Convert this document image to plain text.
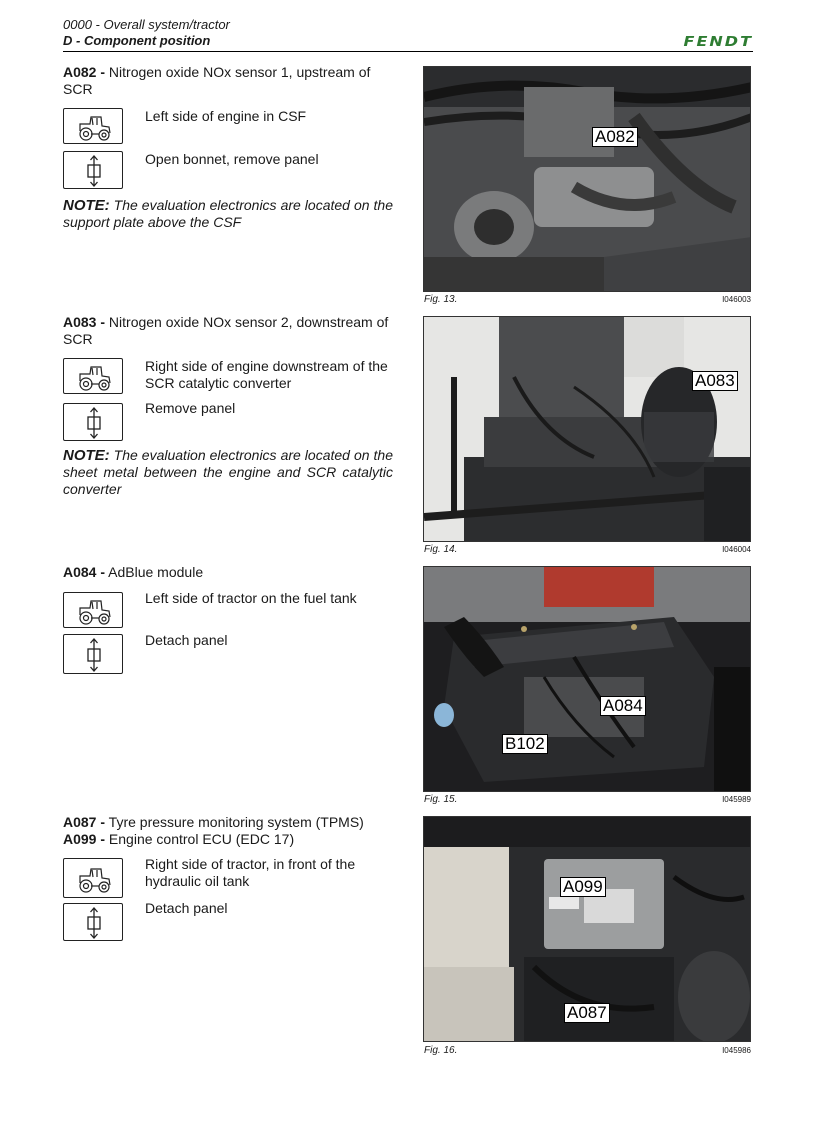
0000 - Overall system/tractor
D - Component position	FENDT
A082 - Nitrogen oxide NOx sensor 1, upstream of SCR
Left side of engine in CSF
Open bonnet, remove panel
NOTE: The evaluation electronics are located on the support plate above the CSF
A082
Fig. 13.	I046003
A083 - Nitrogen oxide NOx sensor 2, downstream of SCR
Right side of engine downstream of the SCR catalytic converter
Remove panel
NOTE: The evaluation electronics are located on the sheet metal between the engine and SCR catalytic converter
A083
Fig. 14.	I046004
A084 - AdBlue module
Left side of tractor on the fuel tank
Detach panel
A084
B102
Fig. 15.	I045989
A087 - Tyre pressure monitoring system (TPMS)
A099 - Engine control ECU (EDC 17)
Right side of tractor, in front of the hydraulic oil tank
Detach panel
A099
A087
Fig. 16.	I045986
